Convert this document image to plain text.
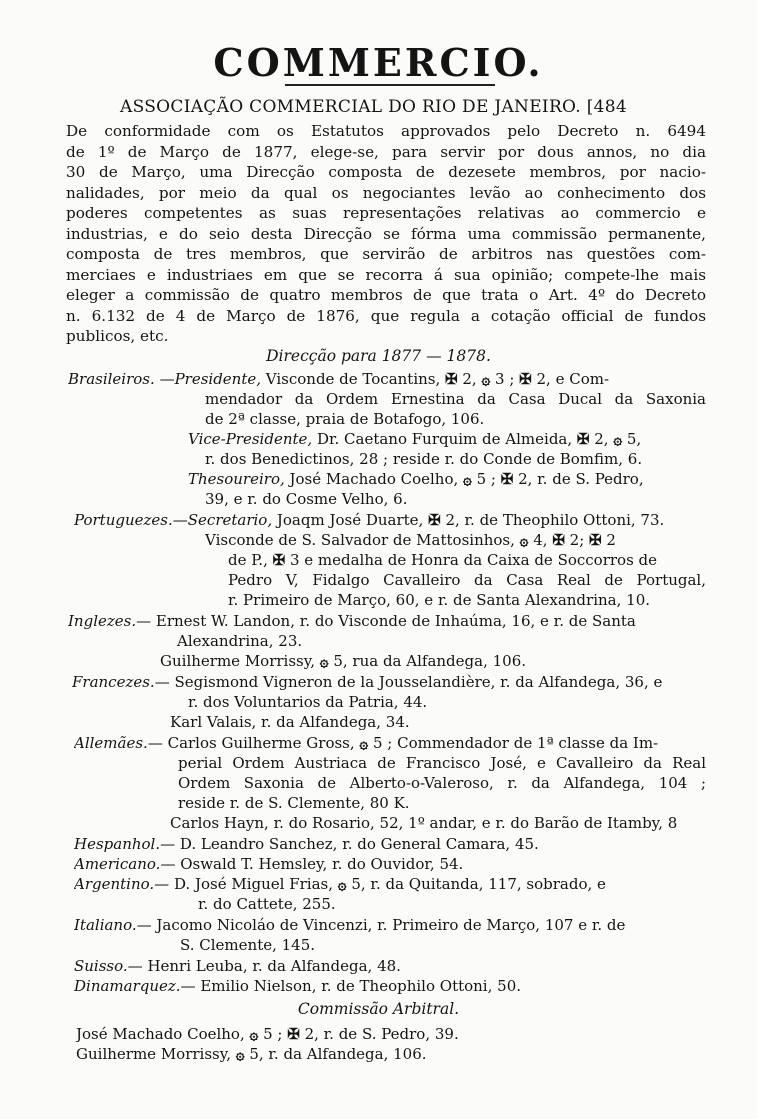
COMMERCIO.
ASSOCIAÇÃO COMMERCIAL DO RIO DE JANEIRO. [484
De conformidade com os Estatutos approvados pelo Decreto n. 6494
de 1º de Março de 1877, elege-se, para servir por dous annos, no dia
30 de Março, uma Direcção composta de dezesete membros, por nacio-
nalidades, por meio da qual os negociantes levão ao conhecimento dos
poderes competentes as suas representações relativas ao commercio e
industrias, e do seio desta Direcção se fórma uma commissão permanente,
composta de tres membros, que servirão de arbitros nas questões com-
merciaes e industriaes em que se recorra á sua opinião; compete-lhe mais
eleger a commissão de quatro membros de que trata o Art. 4º do Decreto
n. 6.132 de 4 de Março de 1876, que regula a cotação official de fundos
publicos, etc.
Direcção para 1877 — 1878.
Brasileiros. —Presidente, Visconde de Tocantins, ✠ 2, ۞ 3 ; ✠ 2, e Com-
mendador da Ordem Ernestina da Casa Ducal da Saxonia
de 2ª classe, praia de Botafogo, 106.
Vice-Presidente, Dr. Caetano Furquim de Almeida, ✠ 2, ۞ 5,
r. dos Benedictinos, 28 ; reside r. do Conde de Bomfim, 6.
Thesoureiro, José Machado Coelho, ۞ 5 ; ✠ 2, r. de S. Pedro,
39, e r. do Cosme Velho, 6.
Portuguezes.—Secretario, Joaqm José Duarte, ✠ 2, r. de Theophilo Ottoni, 73.
Visconde de S. Salvador de Mattosinhos, ۞ 4, ✠ 2; ✠ 2
de P., ✠ 3 e medalha de Honra da Caixa de Soccorros de
Pedro V, Fidalgo Cavalleiro da Casa Real de Portugal,
r. Primeiro de Março, 60, e r. de Santa Alexandrina, 10.
Inglezes.— Ernest W. Landon, r. do Visconde de Inhaúma, 16, e r. de Santa
Alexandrina, 23.
Guilherme Morrissy, ۞ 5, rua da Alfandega, 106.
Francezes.— Segismond Vigneron de la Jousselandière, r. da Alfandega, 36, e
r. dos Voluntarios da Patria, 44.
Karl Valais, r. da Alfandega, 34.
Allemães.— Carlos Guilherme Gross, ۞ 5 ; Commendador de 1ª classe da Im-
perial Ordem Austriaca de Francisco José, e Cavalleiro da Real
Ordem Saxonia de Alberto-o-Valeroso, r. da Alfandega, 104 ;
reside r. de S. Clemente, 80 K.
Carlos Hayn, r. do Rosario, 52, 1º andar, e r. do Barão de Itamby, 8
Hespanhol.— D. Leandro Sanchez, r. do General Camara, 45.
Americano.— Oswald T. Hemsley, r. do Ouvidor, 54.
Argentino.— D. José Miguel Frias, ۞ 5, r. da Quitanda, 117, sobrado, e
r. do Cattete, 255.
Italiano.— Jacomo Nicoláo de Vincenzi, r. Primeiro de Março, 107 e r. de
S. Clemente, 145.
Suisso.— Henri Leuba, r. da Alfandega, 48.
Dinamarquez.— Emilio Nielson, r. de Theophilo Ottoni, 50.
Commissão Arbitral.
José Machado Coelho, ۞ 5 ; ✠ 2, r. de S. Pedro, 39.
Guilherme Morrissy, ۞ 5, r. da Alfandega, 106.
